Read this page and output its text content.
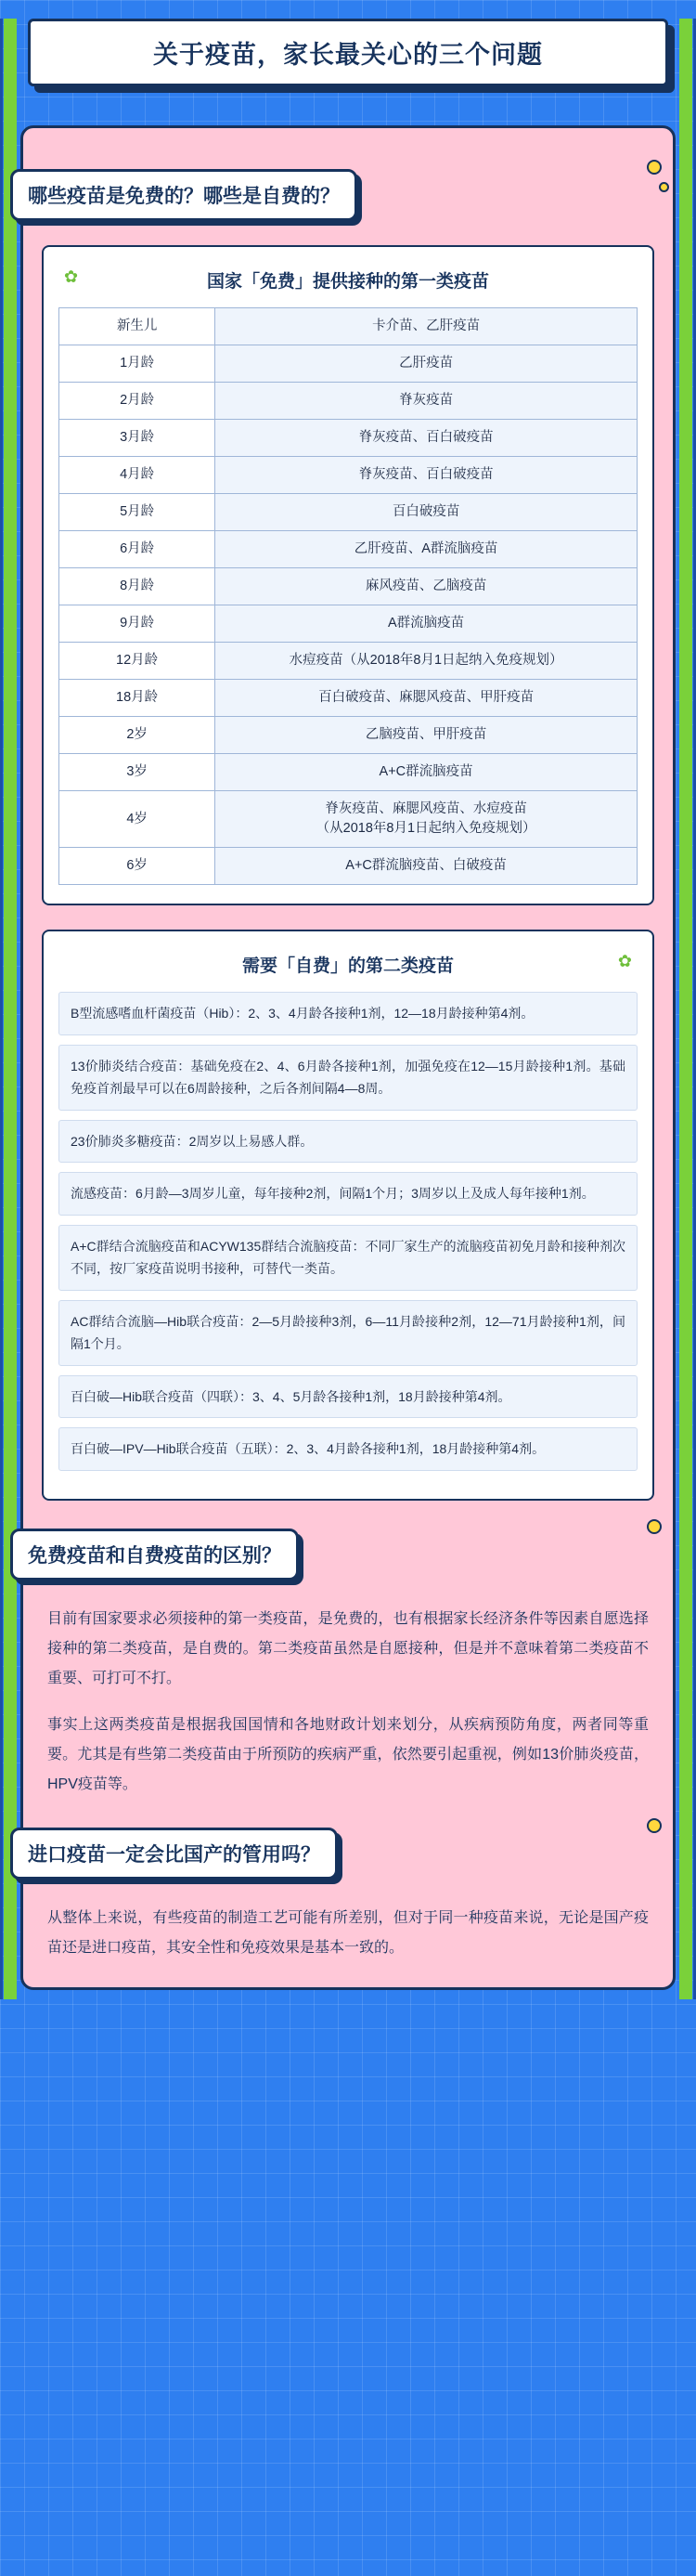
关于疫苗，家长最关心的三个问题
哪些疫苗是免费的？哪些是自费的？
✿	国家「免费」提供接种的第一类疫苗
新生儿	卡介苗、乙肝疫苗
1月龄	乙肝疫苗
2月龄	脊灰疫苗
3月龄	脊灰疫苗、百白破疫苗
4月龄	脊灰疫苗、百白破疫苗
5月龄	百白破疫苗
6月龄	乙肝疫苗、A群流脑疫苗
8月龄	麻风疫苗、乙脑疫苗
9月龄	A群流脑疫苗
12月龄	水痘疫苗（从2018年8月1日起纳入免疫规划）
18月龄	百白破疫苗、麻腮风疫苗、甲肝疫苗
2岁	乙脑疫苗、甲肝疫苗
3岁	A+C群流脑疫苗
4岁	脊灰疫苗、麻腮风疫苗、水痘疫苗
（从2018年8月1日起纳入免疫规划）
6岁	A+C群流脑疫苗、白破疫苗
需要「自费」的第二类疫苗	✿
B型流感嗜血杆菌疫苗（Hib）：2、3、4月龄各接种1剂，12—18月龄接种第4剂。
13价肺炎结合疫苗：基础免疫在2、4、6月龄各接种1剂，加强免疫在12—15月龄接种1剂。基础免疫首剂最早可以在6周龄接种，之后各剂间隔4—8周。
23价肺炎多糖疫苗：2周岁以上易感人群。
流感疫苗：6月龄—3周岁儿童，每年接种2剂，间隔1个月；3周岁以上及成人每年接种1剂。
A+C群结合流脑疫苗和ACYW135群结合流脑疫苗：不同厂家生产的流脑疫苗初免月龄和接种剂次不同，按厂家疫苗说明书接种，可替代一类苗。
AC群结合流脑—Hib联合疫苗：2—5月龄接种3剂，6—11月龄接种2剂，12—71月龄接种1剂，间隔1个月。
百白破—Hib联合疫苗（四联）：3、4、5月龄各接种1剂，18月龄接种第4剂。
百白破—IPV—Hib联合疫苗（五联）：2、3、4月龄各接种1剂，18月龄接种第4剂。
免费疫苗和自费疫苗的区别？

目前有国家要求必须接种的第一类疫苗，是免费的，也有根据家长经济条件等因素自愿选择接种的第二类疫苗，是自费的。第二类疫苗虽然是自愿接种，但是并不意味着第二类疫苗不重要、可打可不打。

事实上这两类疫苗是根据我国国情和各地财政计划来划分，从疾病预防角度，两者同等重要。尤其是有些第二类疫苗由于所预防的疾病严重，依然要引起重视，例如13价肺炎疫苗，HPV疫苗等。

进口疫苗一定会比国产的管用吗？

从整体上来说，有些疫苗的制造工艺可能有所差别，但对于同一种疫苗来说，无论是国产疫苗还是进口疫苗，其安全性和免疫效果是基本一致的。
